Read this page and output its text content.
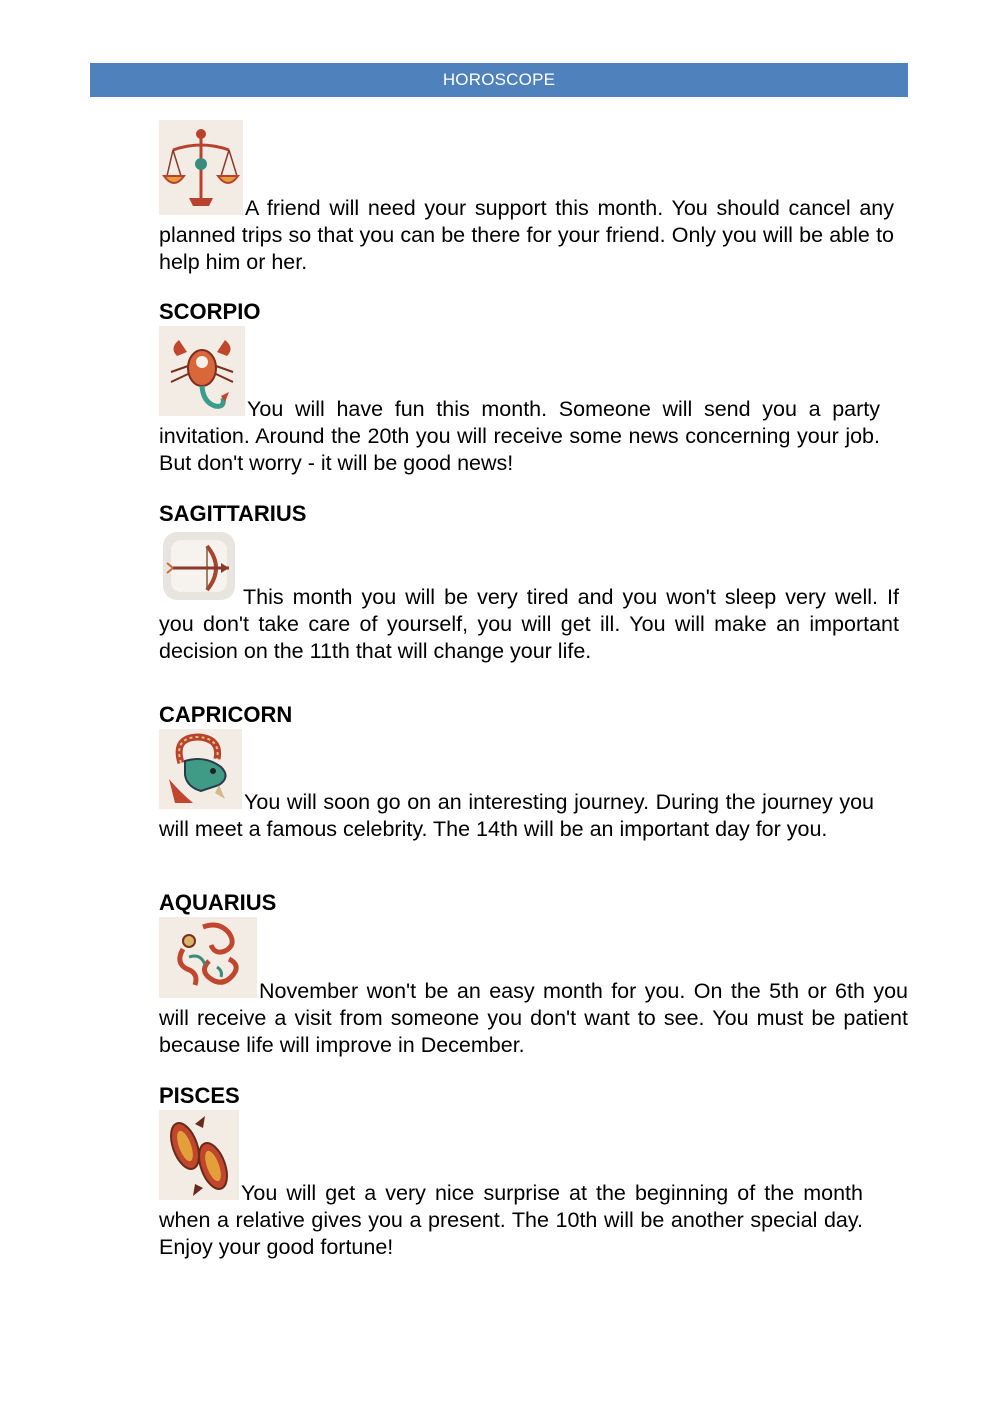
HOROSCOPE

A friend will need your support this month. You should cancel any planned trips so that you can be there for your friend. Only you will be able to help him or her.

SCORPIO

You will have fun this month. Someone will send you a party invitation. Around the 20th you will receive some news concerning your job. But don't worry - it will be good news!

SAGITTARIUS

This month you will be very tired and you won't sleep very well. If you don't take care of yourself, you will get ill. You will make an important decision on the 11th that will change your life.

CAPRICORN

You will soon go on an interesting journey. During the journey you will meet a famous celebrity. The 14th will be an important day for you.

AQUARIUS

November won't be an easy month for you. On the 5th or 6th you will receive a visit from someone you don't want to see. You must be patient because life will improve in December.

PISCES

You will get a very nice surprise at the beginning of the month when a relative gives you a present. The 10th will be another special day. Enjoy your good fortune!
